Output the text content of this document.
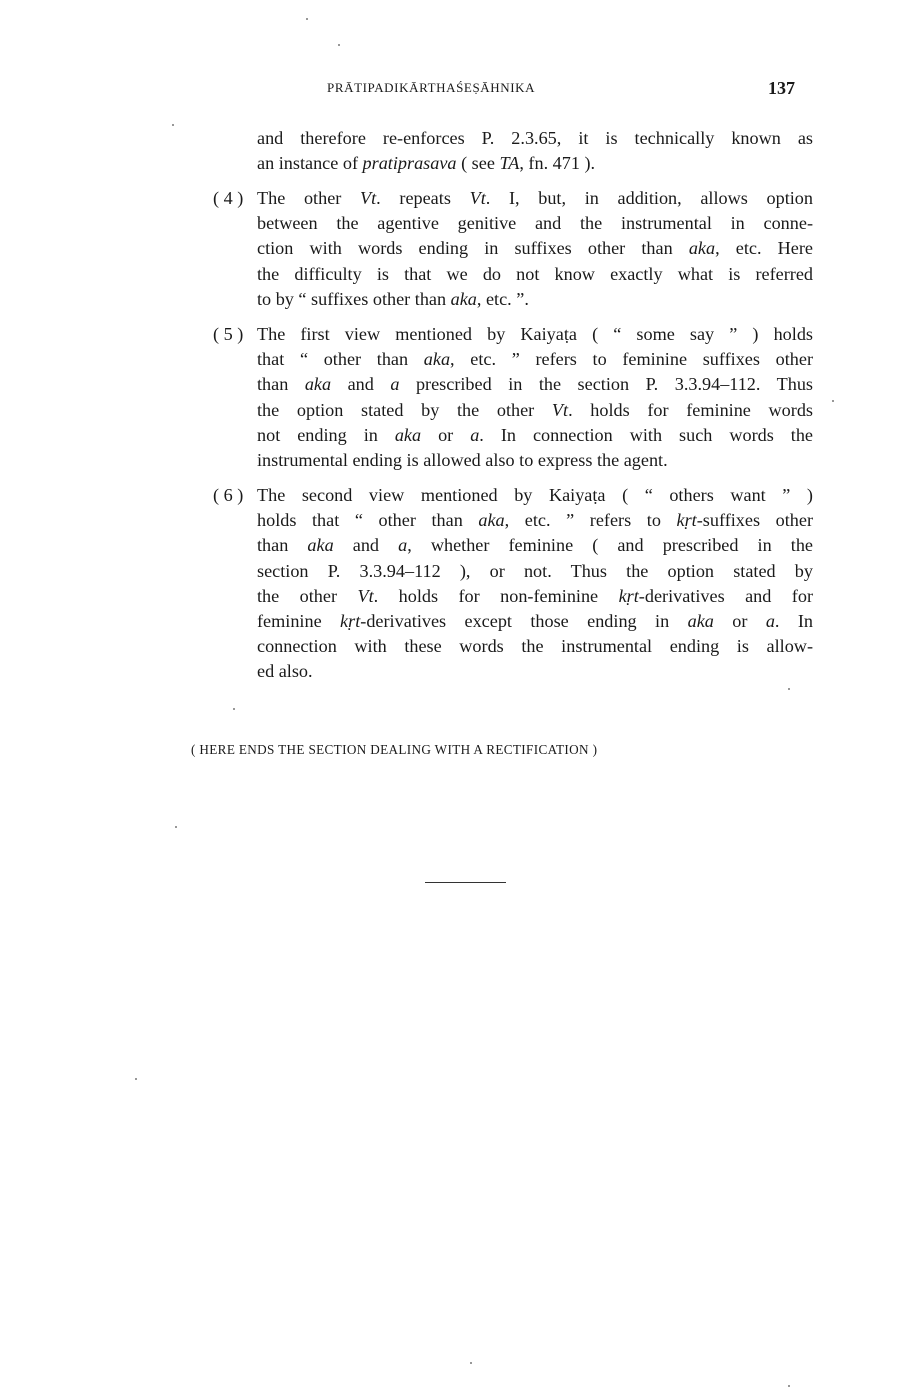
PRĀTIPADIKĀRTHAŚEṢĀHNIKA	137
and therefore re-enforces P. 2.3.65, it is technically known as
an instance of pratiprasava ( see TA, fn. 471 ).
( 4 ) The other Vt. repeats Vt. I, but, in addition, allows option
between the agentive genitive and the instrumental in conne-
ction with words ending in suffixes other than aka, etc. Here
the difficulty is that we do not know exactly what is referred
to by “ suffixes other than aka, etc. ”.
( 5 ) The first view mentioned by Kaiyaṭa ( “ some say ” ) holds
that “ other than aka, etc. ” refers to feminine suffixes other
than aka and a prescribed in the section P. 3.3.94–112. Thus
the option stated by the other Vt. holds for feminine words
not ending in aka or a. In connection with such words the
instrumental ending is allowed also to express the agent.
( 6 ) The second view mentioned by Kaiyaṭa ( “ others want ” )
holds that “ other than aka, etc. ” refers to kṛt-suffixes other
than aka and a, whether feminine ( and prescribed in the
section P. 3.3.94–112 ), or not. Thus the option stated by
the other Vt. holds for non-feminine kṛt-derivatives and for
feminine kṛt-derivatives except those ending in aka or a. In
connection with these words the instrumental ending is allow-
ed also.
( HERE ENDS THE SECTION DEALING WITH A RECTIFICATION )
